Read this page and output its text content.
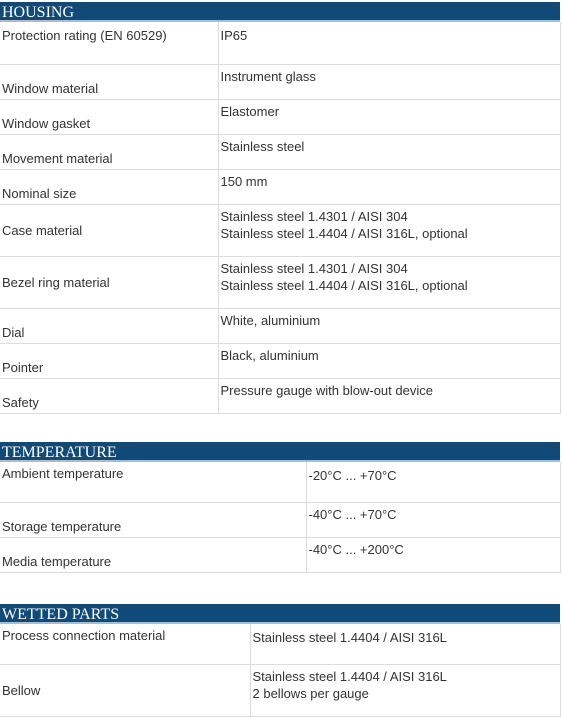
HOUSING
Protection rating (EN 60529)	IP65

Window material	Instrument glass

Window gasket	Elastomer

Movement material	Stainless steel

Nominal size	150 mm

Case material	Stainless steel 1.4301 / AISI 304
Stainless steel 1.4404 / AISI 316L, optional

Bezel ring material	Stainless steel 1.4301 / AISI 304
Stainless steel 1.4404 / AISI 316L, optional

Dial	White, aluminium

Pointer	Black, aluminium

Safety	Pressure gauge with blow-out device
TEMPERATURE
Ambient temperature	-20°C ... +70°C

Storage temperature	-40°C ... +70°C

Media temperature	-40°C ... +200°C
WETTED PARTS
Process connection material	Stainless steel 1.4404 / AISI 316L

Bellow	Stainless steel 1.4404 / AISI 316L
2 bellows per gauge
